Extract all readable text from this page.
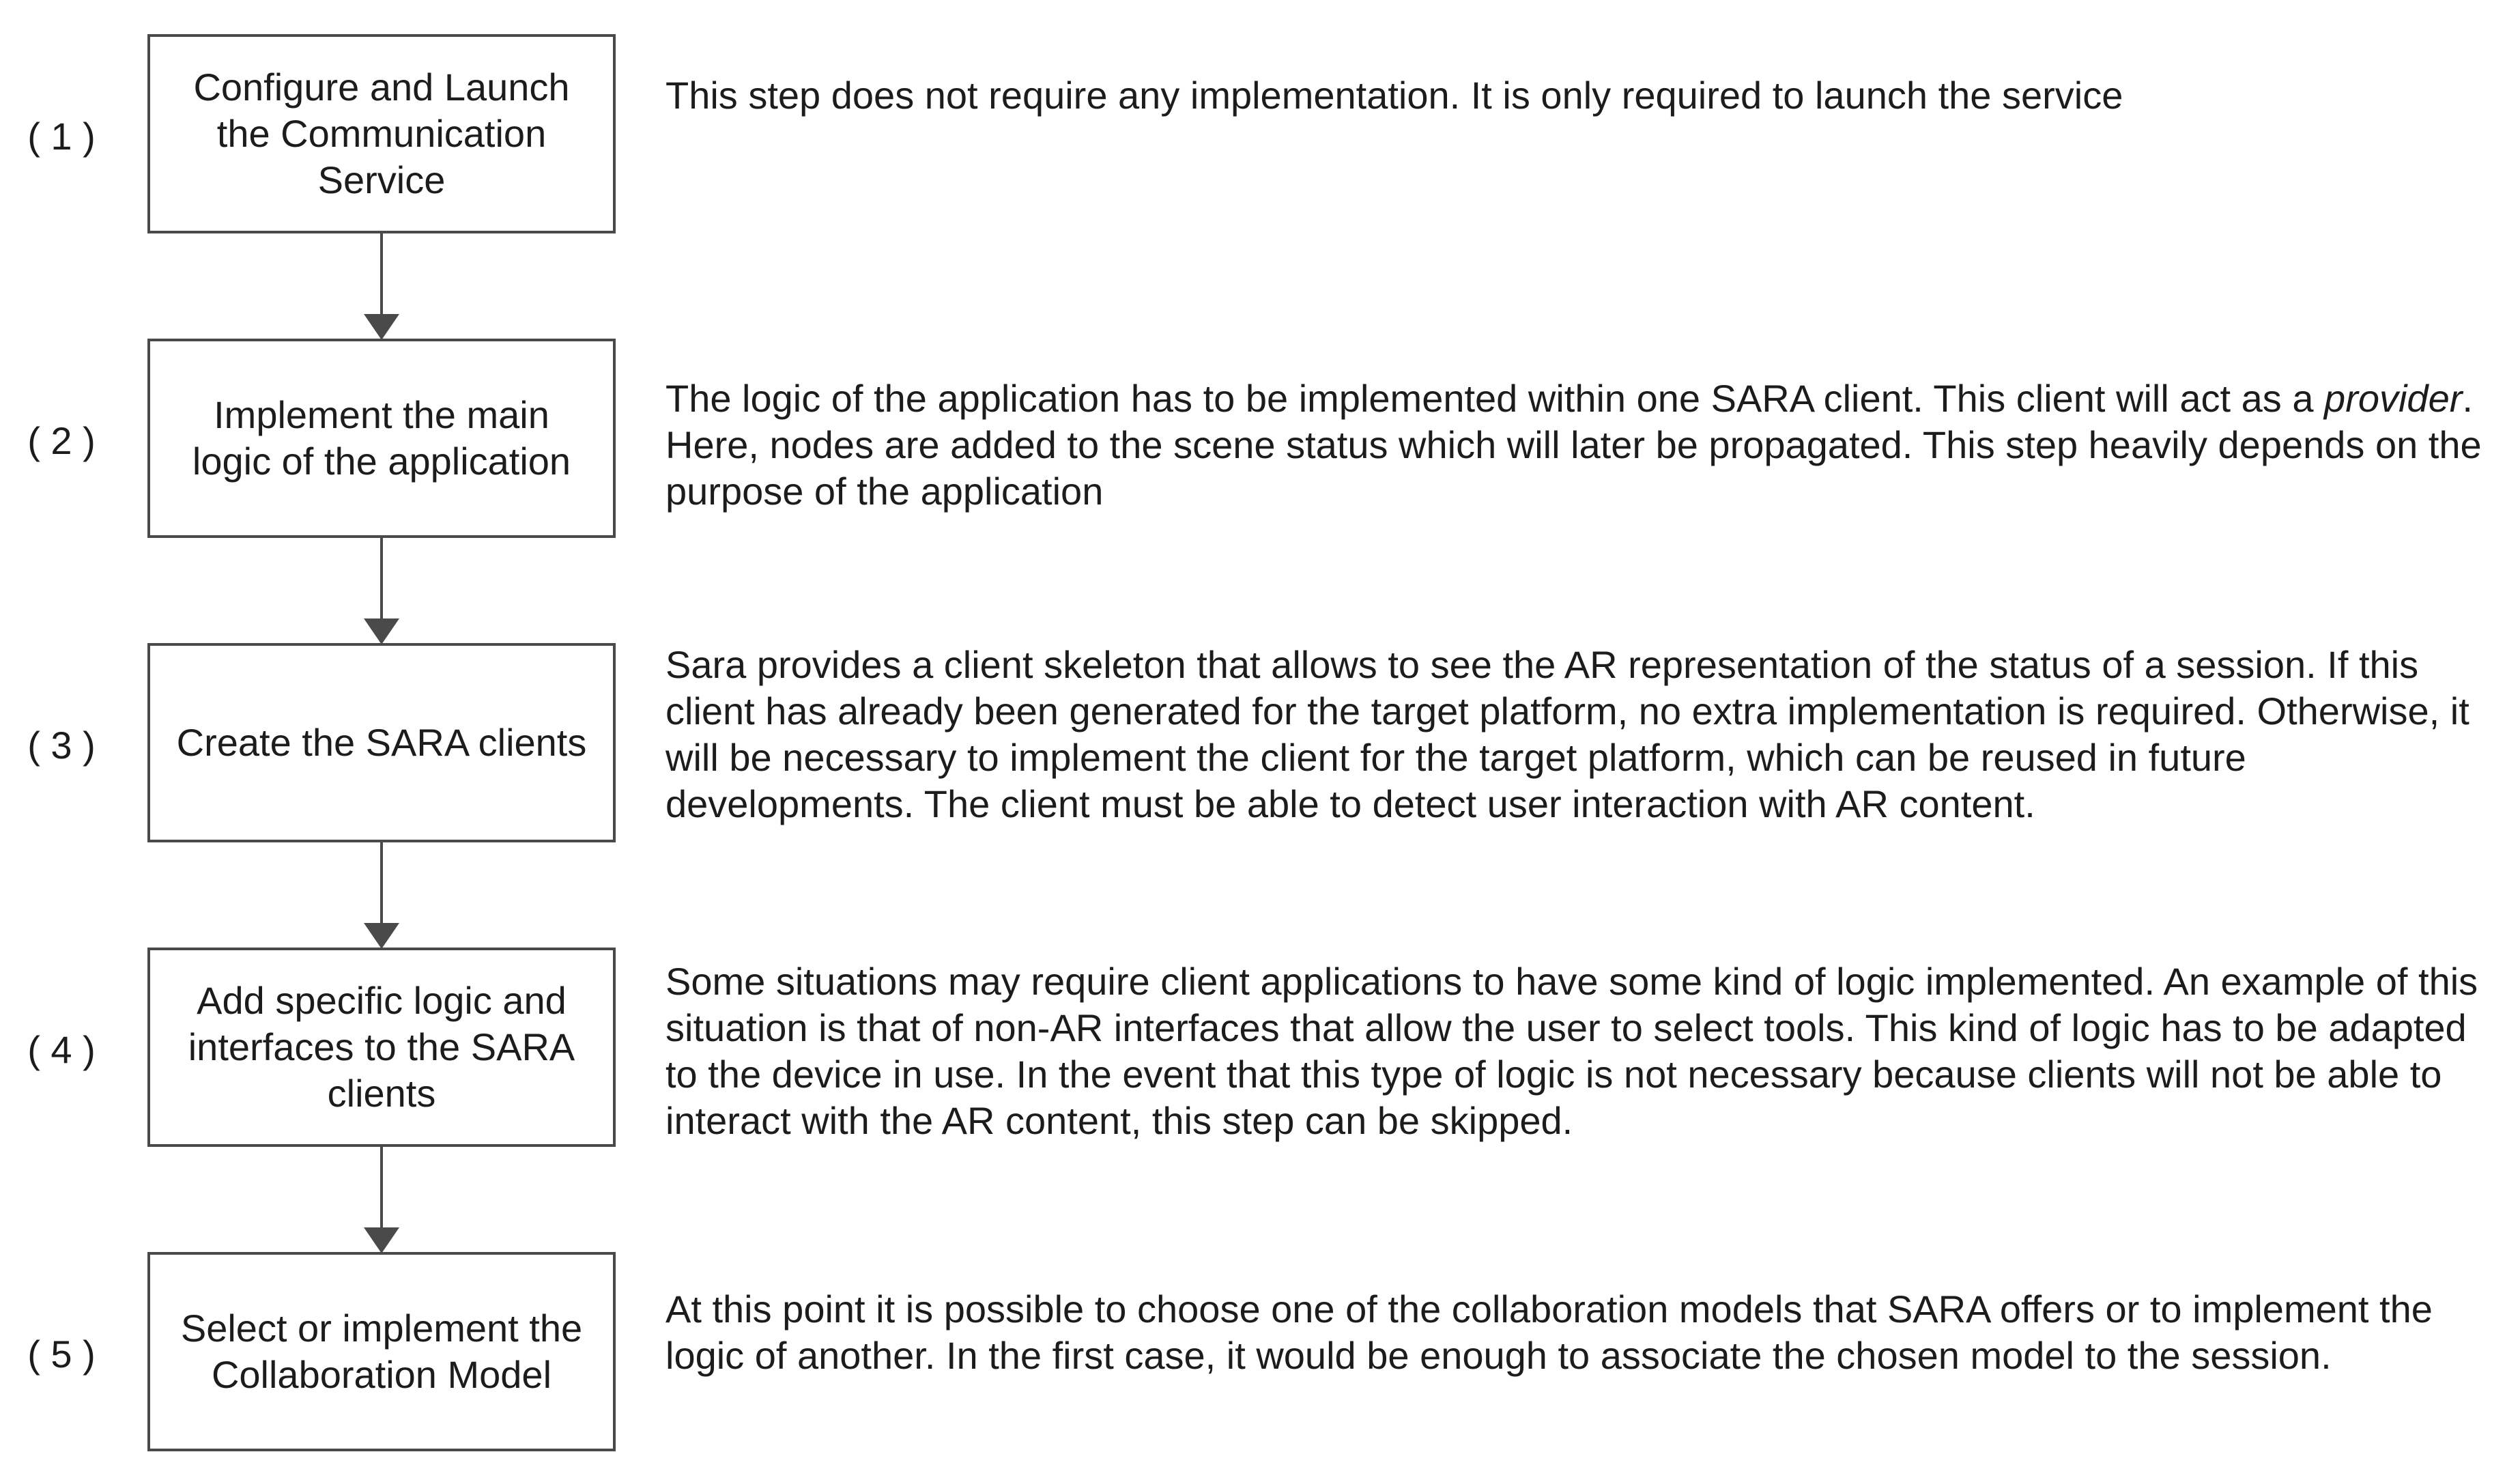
( 1 )
Configure and Launch the Communication Service
This step does not require any implementation. It is only required to launch the service
( 2 )
Implement the main logic of the application
The logic of the application has to be implemented within one SARA client. This client will act as a provider.
Here, nodes are added to the scene status which will later be propagated. This step heavily depends on the
purpose of the application
( 3 ) Create the SARA clients
Sara provides a client skeleton that allows to see the AR representation of the status of a session. If this
client has already been generated for the target platform, no extra implementation is required. Otherwise, it
will be necessary to implement the client for the target platform, which can be reused in future
developments. The client must be able to detect user interaction with AR content.
( 4 )
Add specific logic and interfaces to the SARA clients
Some situations may require client applications to have some kind of logic implemented. An example of this
situation is that of non-AR interfaces that allow the user to select tools. This kind of logic has to be adapted
to the device in use. In the event that this type of logic is not necessary because clients will not be able to
interact with the AR content, this step can be skipped.
( 5 )
Select or implement the Collaboration Model
At this point it is possible to choose one of the collaboration models that SARA offers or to implement the
logic of another. In the first case, it would be enough to associate the chosen model to the session.
